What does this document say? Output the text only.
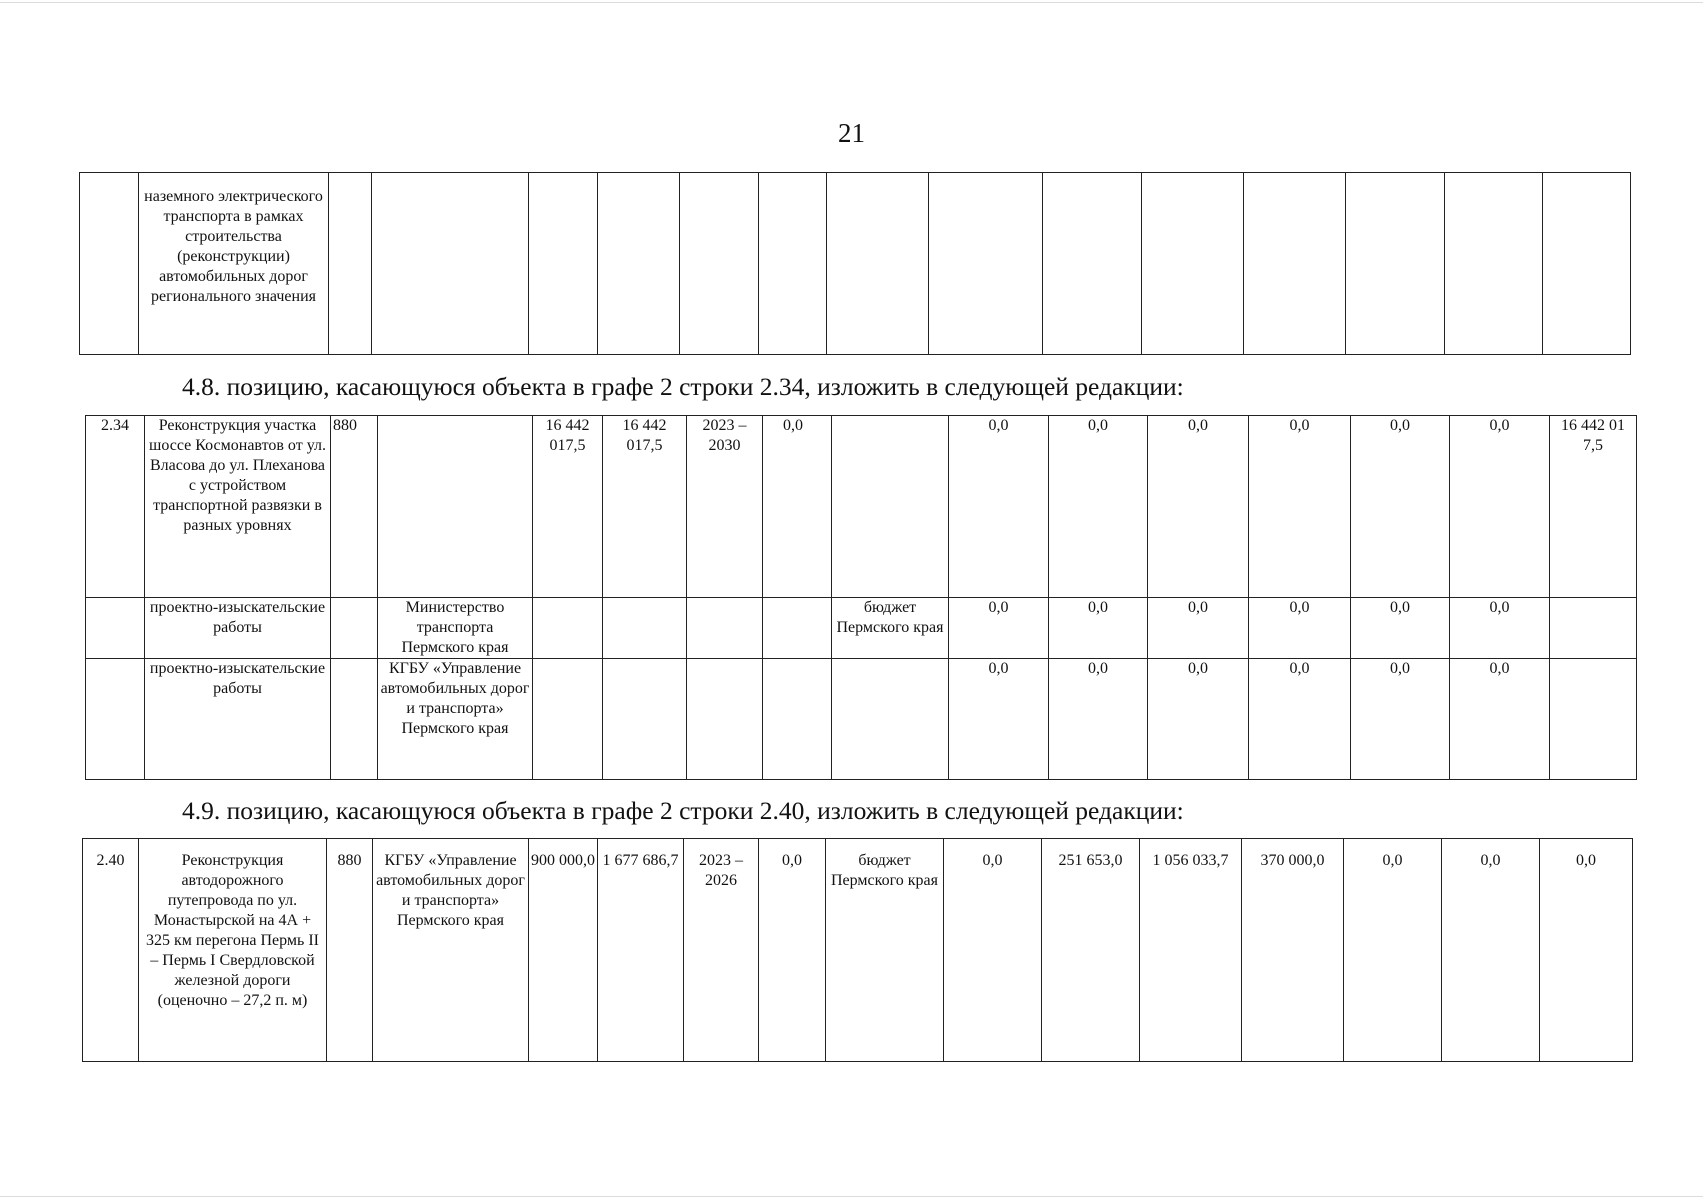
21
	наземного электрического транспорта в рамках строительства (реконструкции) автомобильных дорог регионального значения														
4.8. позицию, касающуюся объекта в графе 2 строки 2.34, изложить в следующей редакции:
2.34	Реконструкция участка шоссе Космонавтов от ул. Власова до ул. Плеханова с устройством транспортной развязки в разных уровнях	880		16 442 017,5	16 442 017,5	2023 – 2030	0,0		0,0	0,0	0,0	0,0	0,0	0,0	16 442 01 7,5
	проектно-изыскательские работы		Министерство транспорта Пермского края					бюджет Пермского края	0,0	0,0	0,0	0,0	0,0	0,0	
	проектно-изыскательские работы		КГБУ «Управление автомобильных дорог и транспорта» Пермского края						0,0	0,0	0,0	0,0	0,0	0,0	
4.9. позицию, касающуюся объекта в графе 2 строки 2.40, изложить в следующей редакции:
2.40	Реконструкция автодорожного путепровода по ул. Монастырской на 4А + 325 км перегона Пермь II – Пермь I Свердловской железной дороги (оценочно – 27,2 п. м)	880	КГБУ «Управление автомобильных дорог и транспорта» Пермского края	900 000,0	1 677 686,7	2023 – 2026	0,0	бюджет Пермского края	0,0	251 653,0	1 056 033,7	370 000,0	0,0	0,0	0,0
